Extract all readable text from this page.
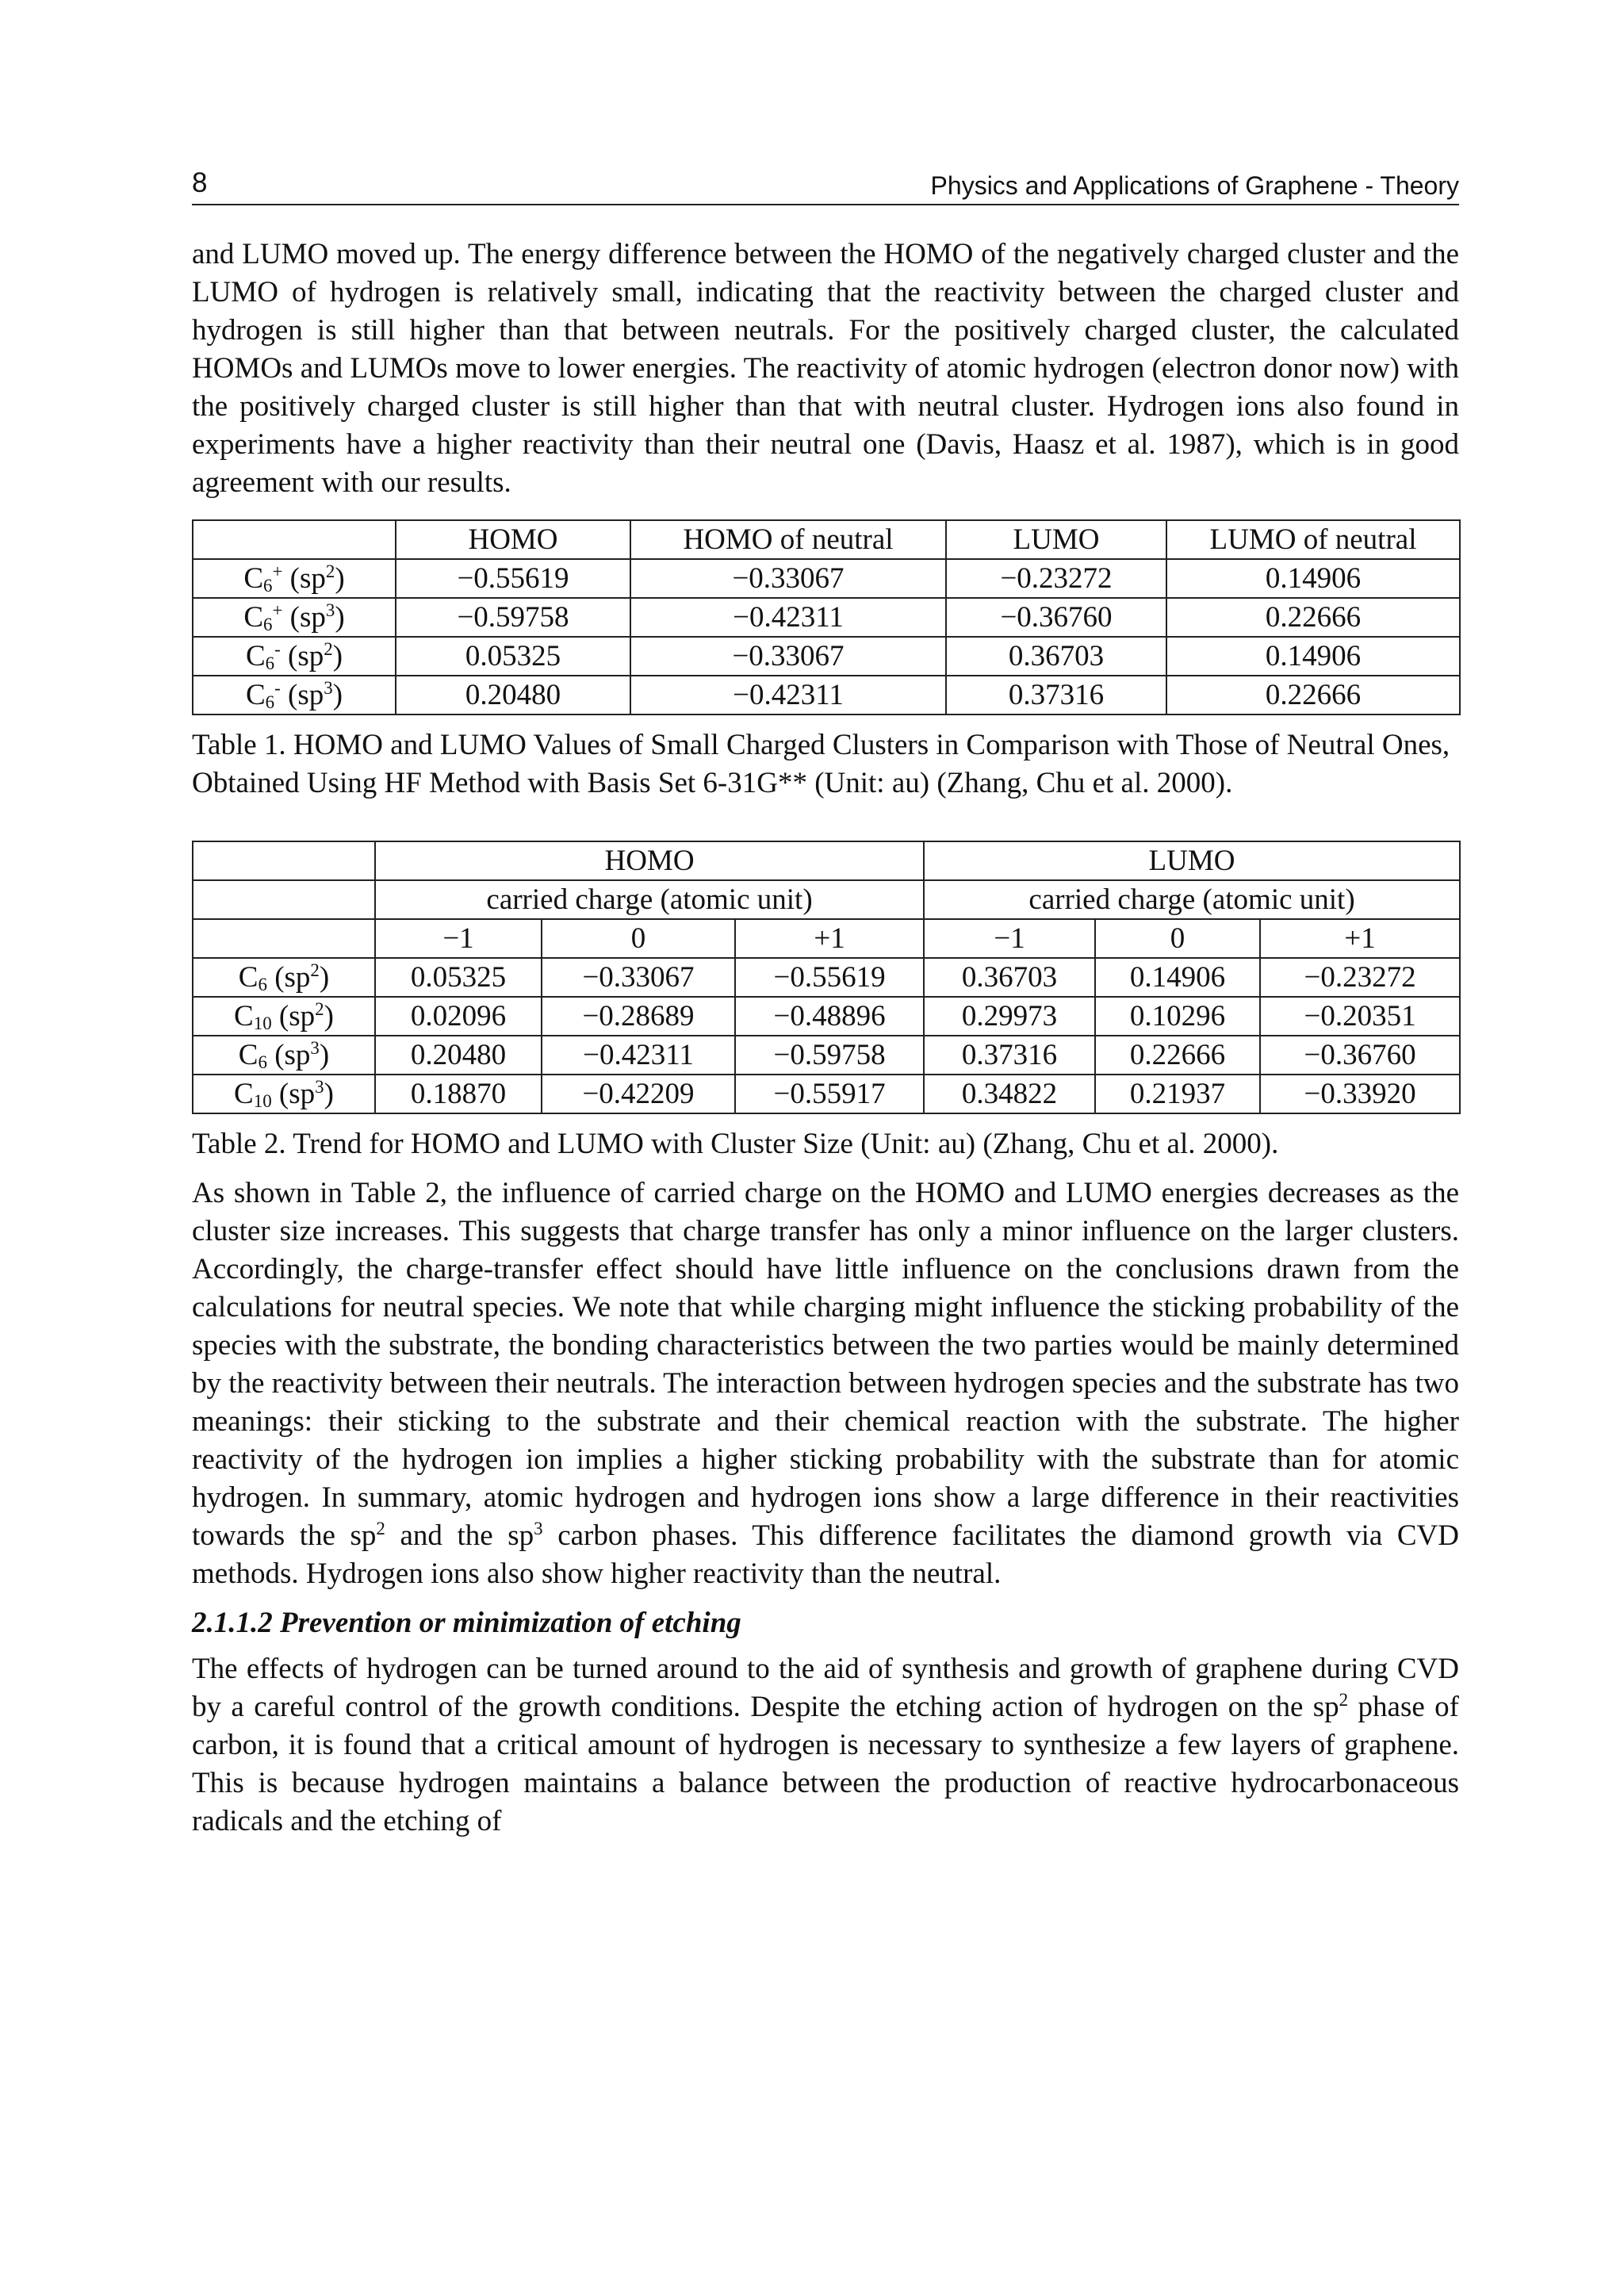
8	Physics and Applications of Graphene - Theory

and LUMO moved up. The energy difference between the HOMO of the negatively charged cluster and the LUMO of hydrogen is relatively small, indicating that the reactivity between the charged cluster and hydrogen is still higher than that between neutrals. For the positively charged cluster, the calculated HOMOs and LUMOs move to lower energies. The reactivity of atomic hydrogen (electron donor now) with the positively charged cluster is still higher than that with neutral cluster. Hydrogen ions also found in experiments have a higher reactivity than their neutral one (Davis, Haasz et al. 1987), which is in good agreement with our results.

	HOMO	HOMO of neutral	LUMO	LUMO of neutral
$C_6^+$ $(sp^2)$	−0.55619	−0.33067	−0.23272	0.14906
$C_6^+$ $(sp^3)$	−0.59758	−0.42311	−0.36760	0.22666
$C_6^-$ $(sp^2)$	0.05325	−0.33067	0.36703	0.14906
$C_6^-$ $(sp^3)$	0.20480	−0.42311	0.37316	0.22666

Table 1. HOMO and LUMO Values of Small Charged Clusters in Comparison with Those of Neutral Ones, Obtained Using HF Method with Basis Set 6-31G** (Unit: au) (Zhang, Chu et al. 2000).

	HOMO			LUMO		
	carried charge (atomic unit)			carried charge (atomic unit)		
	−1	0	+1	−1	0	+1
$C_6$ $(sp^2)$	0.05325	−0.33067	−0.55619	0.36703	0.14906	−0.23272
$C_{10}$ $(sp^2)$	0.02096	−0.28689	−0.48896	0.29973	0.10296	−0.20351
$C_6$ $(sp^3)$	0.20480	−0.42311	−0.59758	0.37316	0.22666	−0.36760
$C_{10}$ $(sp^3)$	0.18870	−0.42209	−0.55917	0.34822	0.21937	−0.33920

Table 2. Trend for HOMO and LUMO with Cluster Size (Unit: au) (Zhang, Chu et al. 2000).

As shown in Table 2, the influence of carried charge on the HOMO and LUMO energies decreases as the cluster size increases. This suggests that charge transfer has only a minor influence on the larger clusters. Accordingly, the charge-transfer effect should have little influence on the conclusions drawn from the calculations for neutral species. We note that while charging might influence the sticking probability of the species with the substrate, the bonding characteristics between the two parties would be mainly determined by the reactivity between their neutrals. The interaction between hydrogen species and the substrate has two meanings: their sticking to the substrate and their chemical reaction with the substrate. The higher reactivity of the hydrogen ion implies a higher sticking probability with the substrate than for atomic hydrogen. In summary, atomic hydrogen and hydrogen ions show a large difference in their reactivities towards the $sp^2$ and the $sp^3$ carbon phases. This difference facilitates the diamond growth via CVD methods. Hydrogen ions also show higher reactivity than the neutral.

2.1.1.2 Prevention or minimization of etching

The effects of hydrogen can be turned around to the aid of synthesis and growth of graphene during CVD by a careful control of the growth conditions. Despite the etching action of hydrogen on the $sp^2$ phase of carbon, it is found that a critical amount of hydrogen is necessary to synthesize a few layers of graphene. This is because hydrogen maintains a balance between the production of reactive hydrocarbonaceous radicals and the etching of
